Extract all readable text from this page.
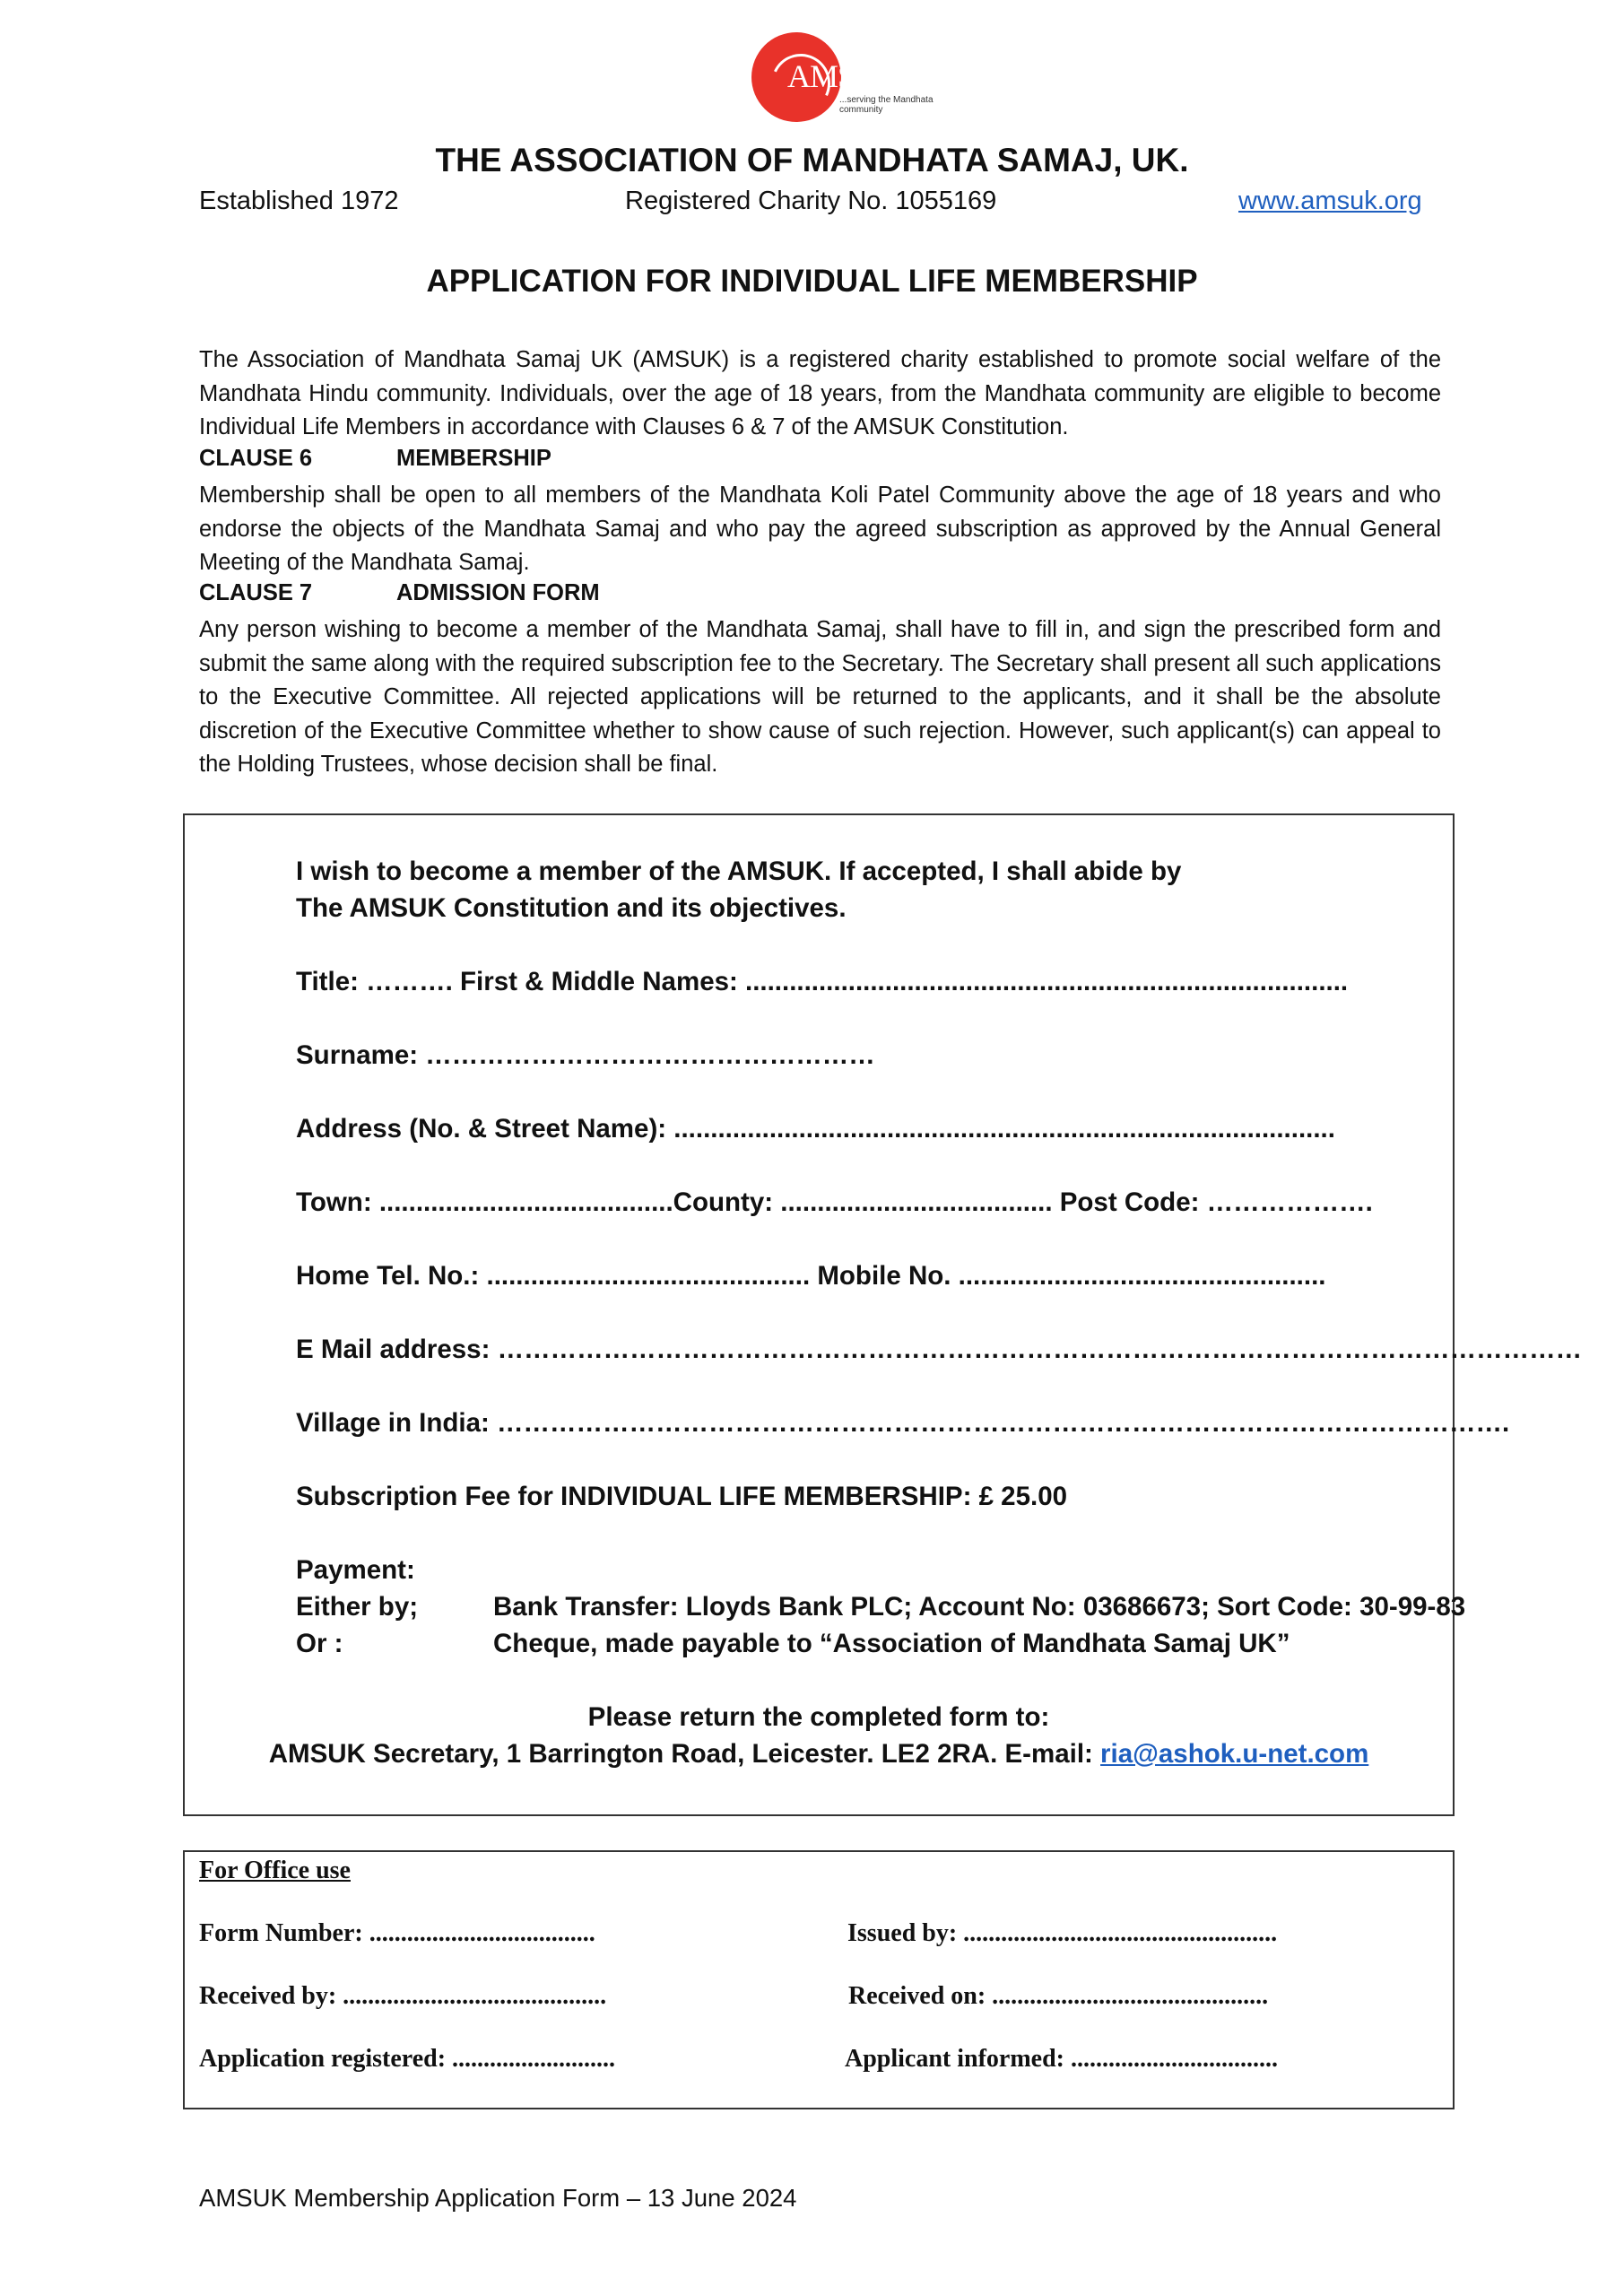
AMSUK
...serving the Mandhata community
THE ASSOCIATION OF MANDHATA SAMAJ, UK.
Established 1972	Registered Charity No. 1055169	www.amsuk.org
APPLICATION FOR INDIVIDUAL LIFE MEMBERSHIP
The Association of Mandhata Samaj UK (AMSUK) is a registered charity established to promote social welfare of the Mandhata Hindu community. Individuals, over the age of 18 years, from the Mandhata community are eligible to become Individual Life Members in accordance with Clauses 6 & 7 of the AMSUK Constitution.
CLAUSE 6	MEMBERSHIP
Membership shall be open to all members of the Mandhata Koli Patel Community above the age of 18 years and who endorse the objects of the Mandhata Samaj and who pay the agreed subscription as approved by the Annual General Meeting of the Mandhata Samaj.
CLAUSE 7	ADMISSION FORM
Any person wishing to become a member of the Mandhata Samaj, shall have to fill in, and sign the prescribed form and submit the same along with the required subscription fee to the Secretary. The Secretary shall present all such applications to the Executive Committee. All rejected applications will be returned to the applicants, and it shall be the absolute discretion of the Executive Committee whether to show cause of such rejection. However, such applicant(s) can appeal to the Holding Trustees, whose decision shall be final.
I wish to become a member of the AMSUK. If accepted, I shall abide by
The AMSUK Constitution and its objectives.
Title: ………. First & Middle Names: ..................................................................................
Surname: ……………………………………………
Address (No. & Street Name): ..........................................................................................
Town: ........................................County: ..................................... Post Code: ……………….
Home Tel. No.: ............................................ Mobile No. ..................................................
E Mail address: ……………………………………………………………………………………………………………
Village in India: …………………………………………………………………………………………………….
Subscription Fee for INDIVIDUAL LIFE MEMBERSHIP: £ 25.00
Payment:
Either by;	Bank Transfer: Lloyds Bank PLC; Account No: 03686673; Sort Code: 30-99-83
Or :	Cheque, made payable to “Association of Mandhata Samaj UK”
Please return the completed form to:
AMSUK Secretary, 1 Barrington Road, Leicester. LE2 2RA. E-mail: ria@ashok.u-net.com
For Office use
Form Number: ....................................	Issued by: ..................................................
Received by: ..........................................	Received on: ............................................
Application registered: ..........................	Applicant informed: .................................
AMSUK Membership Application Form – 13 June 2024
